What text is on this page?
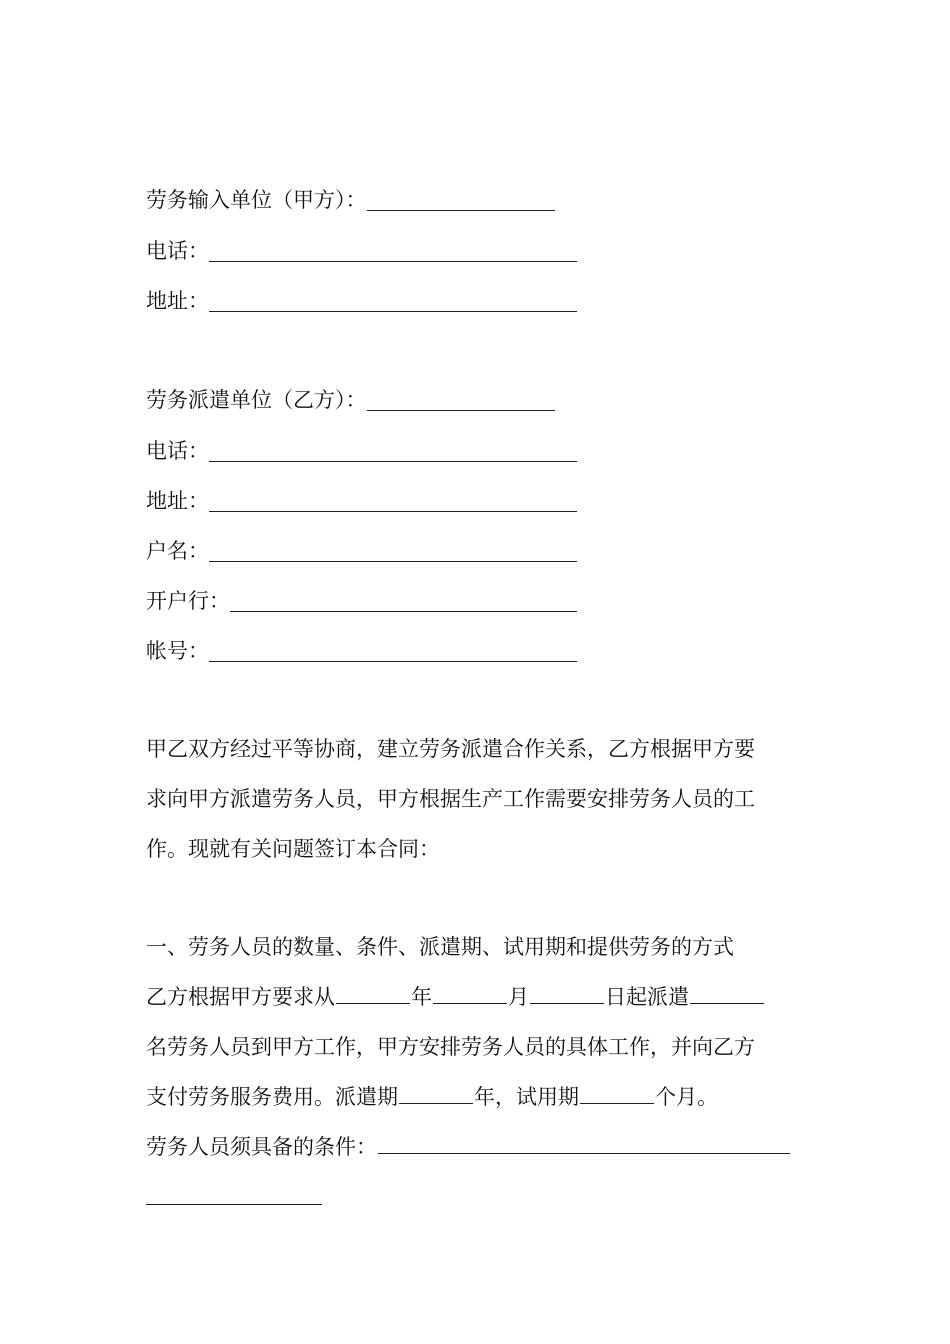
劳务输入单位（甲方）：
电话：
地址：
劳务派遣单位（乙方）：
电话：
地址：
户名：
开户行：
帐号：
甲乙双方经过平等协商，建立劳务派遣合作关系，乙方根据甲方要
求向甲方派遣劳务人员，甲方根据生产工作需要安排劳务人员的工
作。现就有关问题签订本合同：
一、劳务人员的数量、条件、派遣期、试用期和提供劳务的方式
乙方根据甲方要求从	年	月	日起派遣
名劳务人员到甲方工作，甲方安排劳务人员的具体工作，并向乙方
支付劳务服务费用。派遣期	年，试用期	个月。
劳务人员须具备的条件：
